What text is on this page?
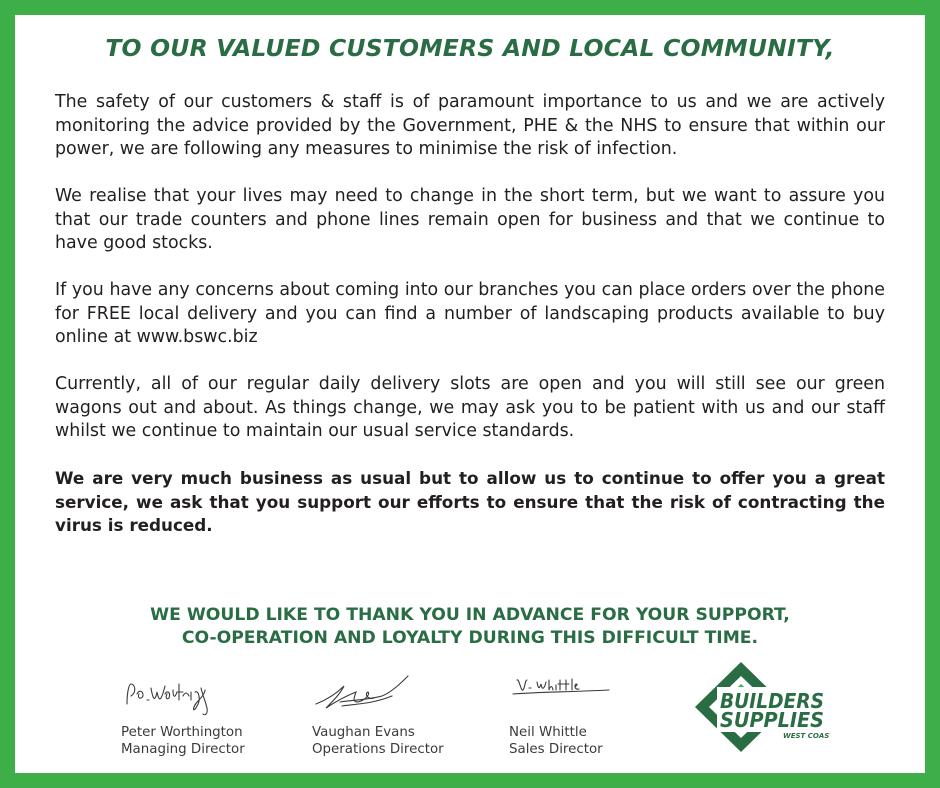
TO OUR VALUED CUSTOMERS AND LOCAL COMMUNITY,

The safety of our customers & staff is of paramount importance to us and we are actively monitoring the advice provided by the Government, PHE & the NHS to ensure that within our power, we are following any measures to minimise the risk of infection.

We realise that your lives may need to change in the short term, but we want to assure you that our trade counters and phone lines remain open for business and that we continue to have good stocks.

If you have any concerns about coming into our branches you can place orders over the phone for FREE local delivery and you can find a number of landscaping products available to buy online at www.bswc.biz

Currently, all of our regular daily delivery slots are open and you will still see our green wagons out and about. As things change, we may ask you to be patient with us and our staff whilst we continue to maintain our usual service standards.

We are very much business as usual but to allow us to continue to offer you a great service, we ask that you support our efforts to ensure that the risk of contracting the virus is reduced.

WE WOULD LIKE TO THANK YOU IN ADVANCE FOR YOUR SUPPORT,
CO-OPERATION AND LOYALTY DURING THIS DIFFICULT TIME.
Peter Worthington
Managing Director
Vaughan Evans
Operations Director
Neil Whittle
Sales Director
BUILDERS
SUPPLIES
WEST COAST
